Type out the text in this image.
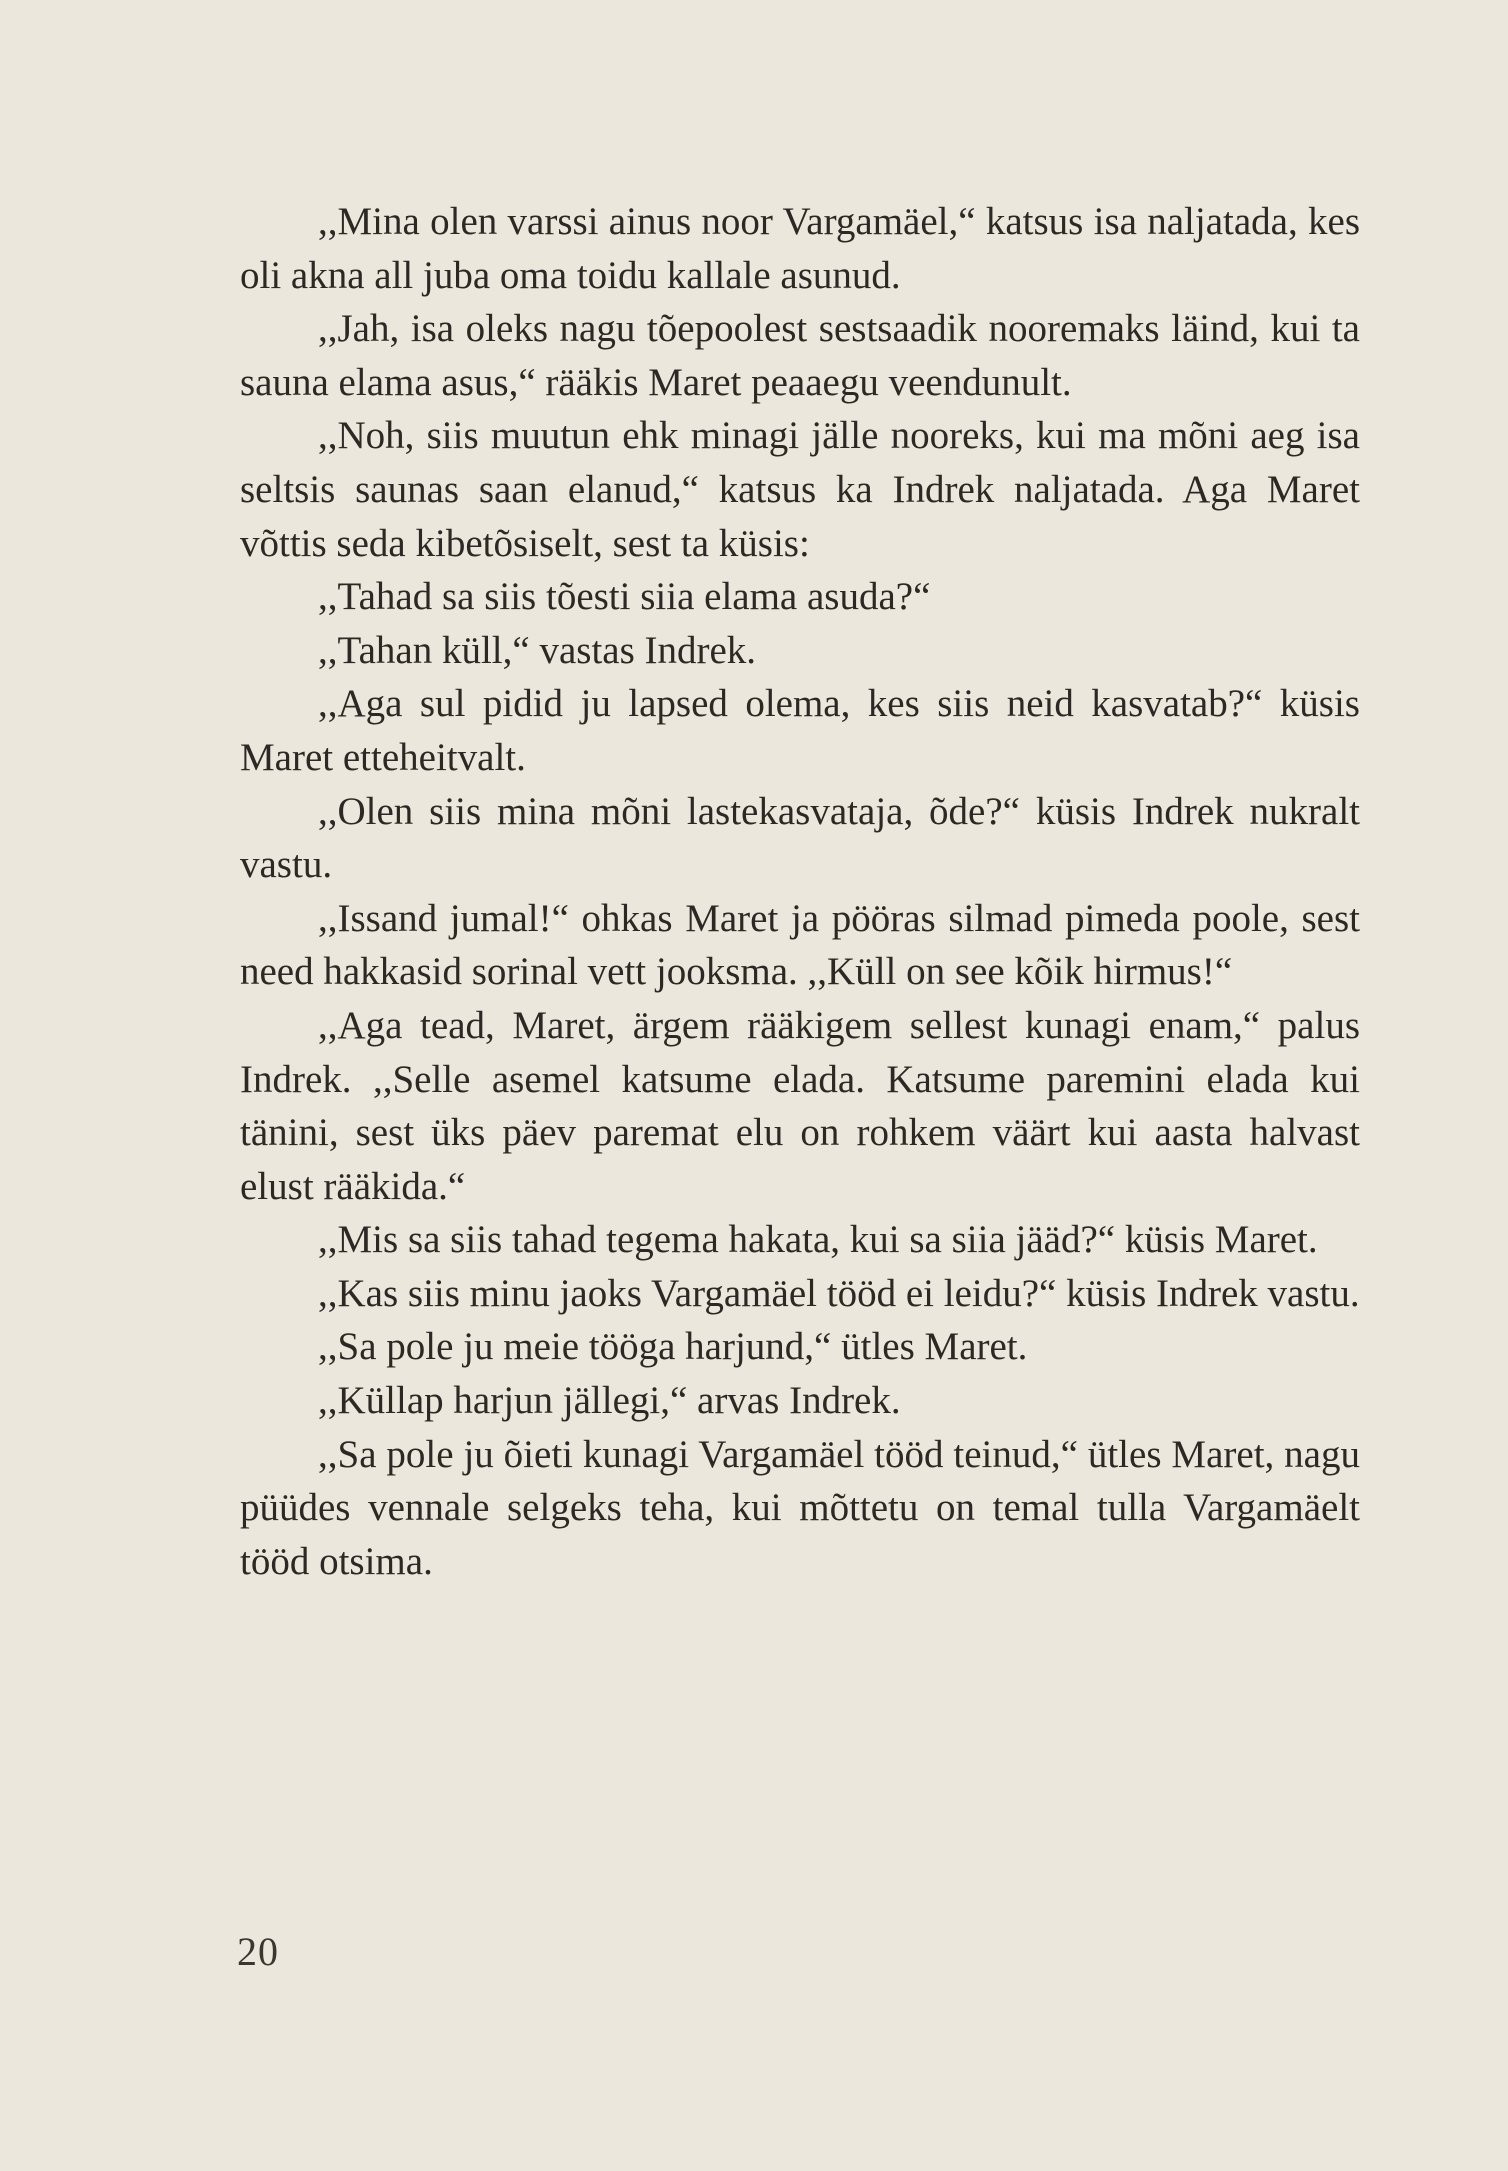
,,Mina olen varssi ainus noor Vargamäel,“ katsus isa naljatada, kes oli akna all juba oma toidu kallale asunud.

,,Jah, isa oleks nagu tõepoolest sestsaadik nooremaks läind, kui ta sauna elama asus,“ rääkis Maret peaaegu veendunult.

,,Noh, siis muutun ehk minagi jälle nooreks, kui ma mõni aeg isa seltsis saunas saan elanud,“ katsus ka Indrek naljatada. Aga Maret võttis seda kibetõsiselt, sest ta küsis:

,,Tahad sa siis tõesti siia elama asuda?“

,,Tahan küll,“ vastas Indrek.

,,Aga sul pidid ju lapsed olema, kes siis neid kasvatab?“ küsis Maret etteheitvalt.

,,Olen siis mina mõni lastekasvataja, õde?“ küsis Indrek nukralt vastu.

,,Issand jumal!“ ohkas Maret ja pööras silmad pimeda poole, sest need hakkasid sorinal vett jooksma. ,,Küll on see kõik hirmus!“

,,Aga tead, Maret, ärgem rääkigem sellest kunagi enam,“ palus Indrek. ,,Selle asemel katsume elada. Katsume paremini elada kui tänini, sest üks päev paremat elu on rohkem väärt kui aasta halvast elust rääkida.“

,,Mis sa siis tahad tegema hakata, kui sa siia jääd?“ küsis Maret.

,,Kas siis minu jaoks Vargamäel tööd ei leidu?“ küsis Indrek vastu.

,,Sa pole ju meie tööga harjund,“ ütles Maret.

,,Küllap harjun jällegi,“ arvas Indrek.

,,Sa pole ju õieti kunagi Vargamäel tööd teinud,“ ütles Maret, nagu püüdes vennale selgeks teha, kui mõttetu on temal tulla Vargamäelt tööd otsima.

20
